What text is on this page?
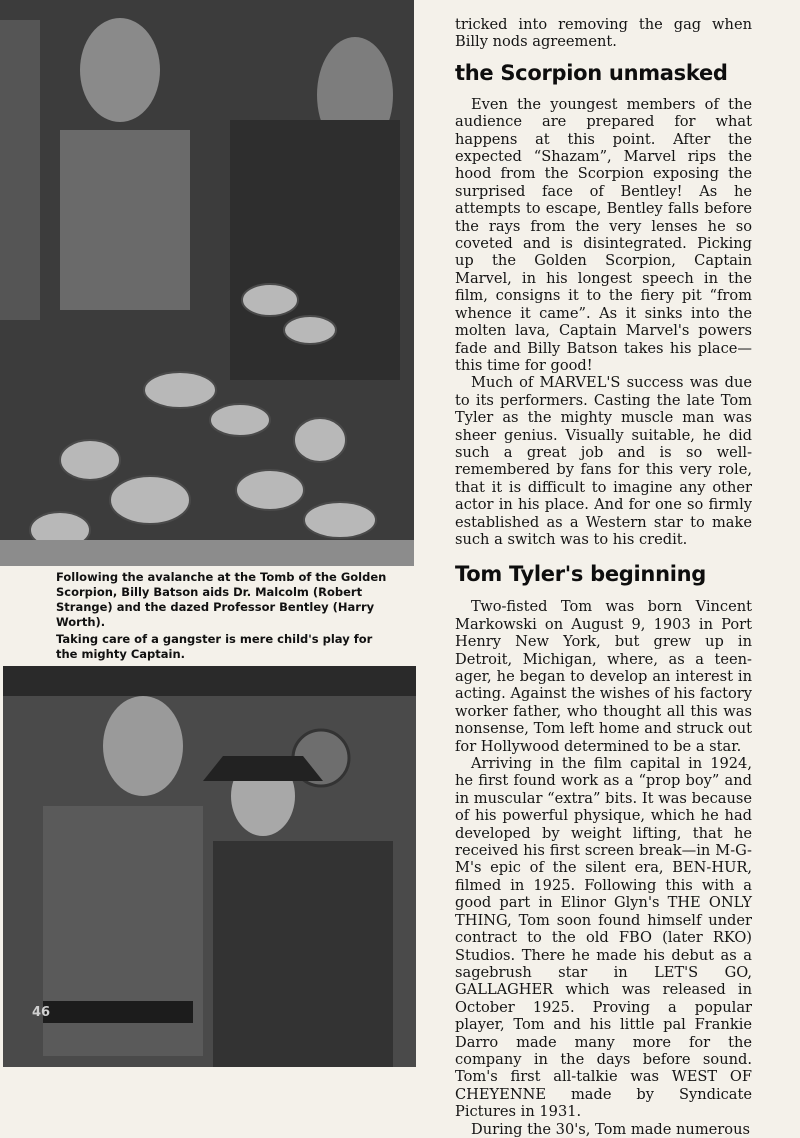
Following the avalanche at the Tomb of the Golden Scorpion, Billy Batson aids Dr. Malcolm (Robert Strange) and the dazed Professor Bentley (Harry Worth).
Taking care of a gangster is mere child's play for the mighty Captain.
46

tricked into removing the gag when Billy nods agreement.

the Scorpion unmasked

Even the youngest members of the audience are prepared for what happens at this point. After the expected “Shazam”, Marvel rips the hood from the Scorpion exposing the surprised face of Bentley! As he attempts to escape, Bentley falls before the rays from the very lenses he so coveted and is disintegrated. Picking up the Golden Scorpion, Captain Marvel, in his longest speech in the film, consigns it to the fiery pit “from whence it came”. As it sinks into the molten lava, Captain Marvel's powers fade and Billy Batson takes his place—this time for good!

Much of MARVEL'S success was due to its performers. Casting the late Tom Tyler as the mighty muscle man was sheer genius. Visually suitable, he did such a great job and is so well-remembered by fans for this very role, that it is difficult to imagine any other actor in his place. And for one so firmly established as a Western star to make such a switch was to his credit.

Tom Tyler's beginning

Two-fisted Tom was born Vincent Markowski on August 9, 1903 in Port Henry New York, but grew up in Detroit, Michigan, where, as a teen-ager, he began to develop an interest in acting. Against the wishes of his factory worker father, who thought all this was nonsense, Tom left home and struck out for Hollywood determined to be a star.

Arriving in the film capital in 1924, he first found work as a “prop boy” and in muscular “extra” bits. It was because of his powerful physique, which he had developed by weight lifting, that he received his first screen break—in M-G-M's epic of the silent era, BEN-HUR, filmed in 1925. Following this with a good part in Elinor Glyn's THE ONLY THING, Tom soon found himself under contract to the old FBO (later RKO) Studios. There he made his debut as a sagebrush star in LET'S GO, GALLAGHER which was released in October 1925. Proving a popular player, Tom and his little pal Frankie Darro made many more for the company in the days before sound. Tom's first all-talkie was WEST OF CHEYENNE made by Syndicate Pictures in 1931.

During the 30's, Tom made numerous
